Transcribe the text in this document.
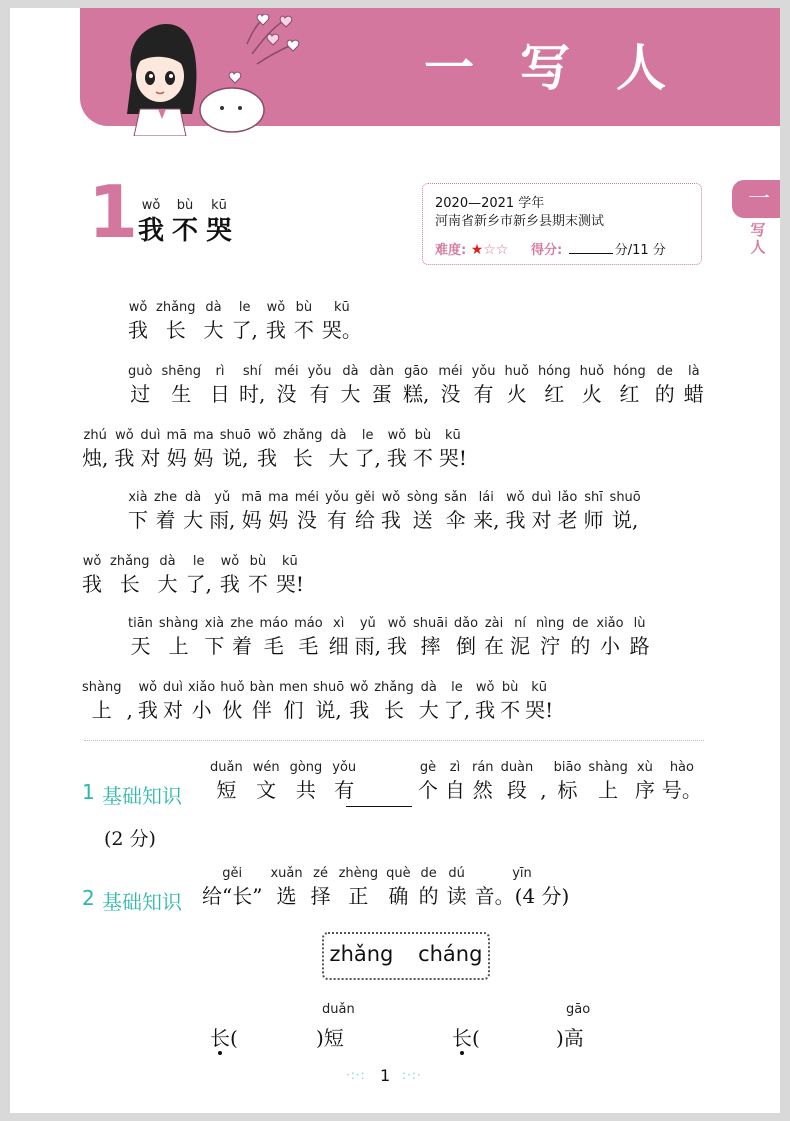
一写人
一
写人
1 wǒ
我
bù
不
kū
哭
2020—2021 学年
河南省新乡市新乡县期末测试
难度: ★☆☆ 得分:	分/11 分
wǒ
我
zhǎng
长
dà
大
le
了,
wǒ
我
bù
不
kū
哭。
guò
过
shēng
生
rì
日
shí
时,
méi
没
yǒu
有
dà
大
dàn
蛋
gāo
糕,
méi
没
yǒu
有
huǒ
火
hóng
红
huǒ
火
hóng
红
de
的
là
蜡
zhú
烛,
wǒ
我
duì
对
mā
妈
ma
妈
shuō
说,
wǒ
我
zhǎng
长
dà
大
le
了,
wǒ
我
bù
不
kū
哭!
xià
下
zhe
着
dà
大
yǔ
雨,
mā
妈
ma
妈
méi
没
yǒu
有
gěi
给
wǒ
我
sòng
送
sǎn
伞
lái
来,
wǒ
我
duì
对
lǎo
老
shī
师
shuō
说,
wǒ
我
zhǎng
长
dà
大
le
了,
wǒ
我
bù
不
kū
哭!
tiān
天
shàng
上
xià
下
zhe
着
máo
毛
máo
毛
xì
细
yǔ
雨,
wǒ
我
shuāi
摔
dǎo
倒
zài
在
ní
泥
nìng
泞
de
的
xiǎo
小
lù
路
shàng
上
,
wǒ
我
duì
对
xiǎo
小
huǒ
伙
bàn
伴
men
们
shuō
说,
wǒ
我
zhǎng
长
dà
大
le
了,
wǒ
我
bù
不
kū
哭!
1 基础知识
duǎn
短
wén
文
gòng
共
yǒu
有
gè
个
zì
自
rán
然
duàn
段
,
biāo
标
shàng
上
xù
序
hào
号。
(2 分)
2 基础知识
gěi
给“长”
xuǎn
选
zé
择
zhèng
正
què
确
de
的
dú
读
yīn
音。(4 分)
zhǎng cháng
duǎn
长(	)短
gāo
长(	)高
·:·: 1 :·:·
